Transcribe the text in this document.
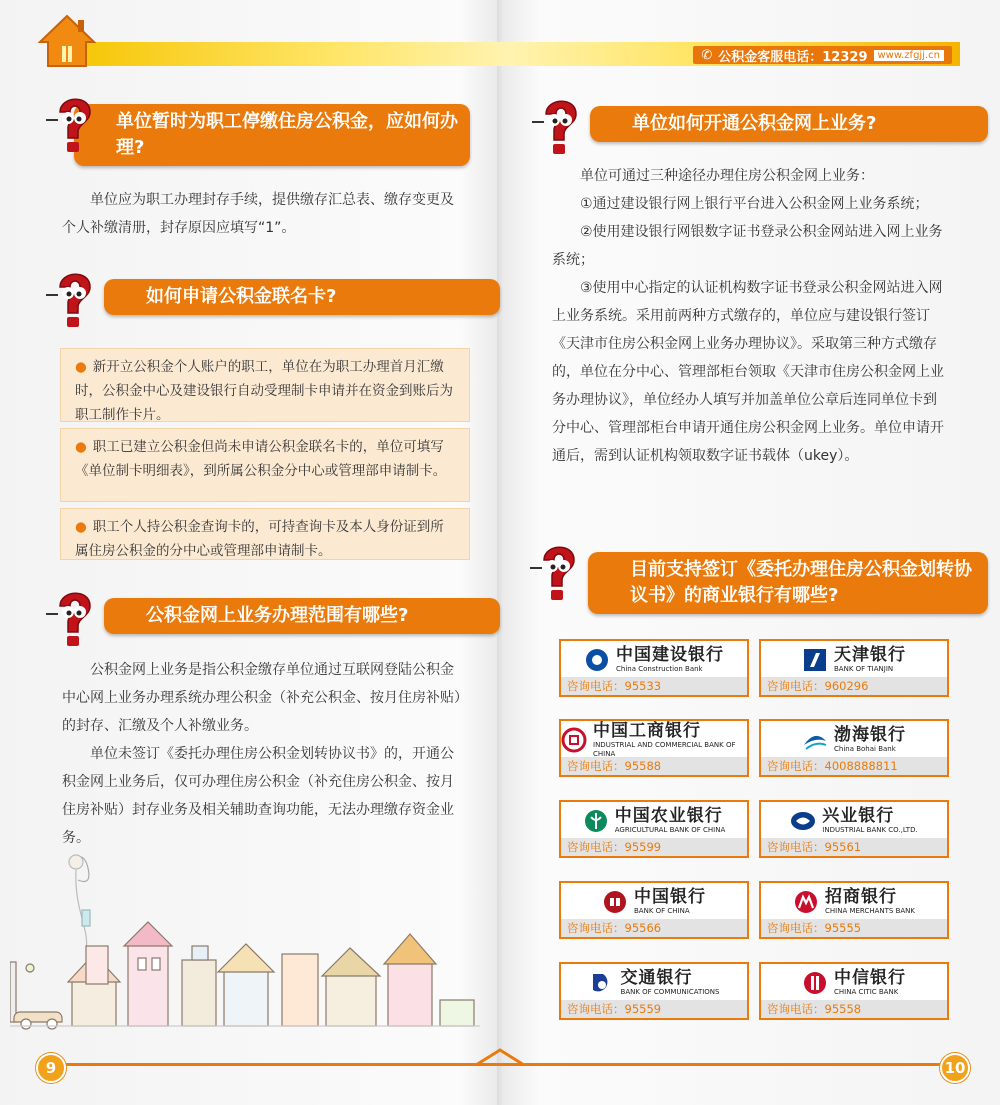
✆ 公积金客服电话：12329	www.zfgjj.cn
单位暂时为职工停缴住房公积金，应如何办理?

单位应为职工办理封存手续，提供缴存汇总表、缴存变更及个人补缴清册，封存原因应填写“1”。

如何申请公积金联名卡?
● 新开立公积金个人账户的职工，单位在为职工办理首月汇缴时，公积金中心及建设银行自动受理制卡申请并在资金到账后为职工制作卡片。
● 职工已建立公积金但尚未申请公积金联名卡的，单位可填写《单位制卡明细表》，到所属公积金分中心或管理部申请制卡。
● 职工个人持公积金查询卡的，可持查询卡及本人身份证到所属住房公积金的分中心或管理部申请制卡。
公积金网上业务办理范围有哪些?

公积金网上业务是指公积金缴存单位通过互联网登陆公积金中心网上业务办理系统办理公积金（补充公积金、按月住房补贴）的封存、汇缴及个人补缴业务。

单位未签订《委托办理住房公积金划转协议书》的，开通公积金网上业务后，仅可办理住房公积金（补充住房公积金、按月住房补贴）封存业务及相关辅助查询功能，无法办理缴存资金业务。

单位如何开通公积金网上业务?

单位可通过三种途径办理住房公积金网上业务：

①通过建设银行网上银行平台进入公积金网上业务系统；

②使用建设银行网银数字证书登录公积金网站进入网上业务系统；

③使用中心指定的认证机构数字证书登录公积金网站进入网上业务系统。采用前两种方式缴存的，单位应与建设银行签订《天津市住房公积金网上业务办理协议》。采取第三种方式缴存的，单位在分中心、管理部柜台领取《天津市住房公积金网上业务办理协议》，单位经办人填写并加盖单位公章后连同单位卡到分中心、管理部柜台申请开通住房公积金网上业务。单位申请开通后，需到认证机构领取数字证书载体（ukey）。

目前支持签订《委托办理住房公积金划转协议书》的商业银行有哪些?
中国建设银行
China Construction Bank
咨询电话：95533
天津银行
BANK OF TIANJIN
咨询电话：960296
中国工商银行
INDUSTRIAL AND COMMERCIAL BANK OF CHINA
咨询电话：95588
渤海银行
China Bohai Bank
咨询电话：4008888811
中国农业银行
AGRICULTURAL BANK OF CHINA
咨询电话：95599
兴业银行
INDUSTRIAL BANK CO.,LTD.
咨询电话：95561
中国银行
BANK OF CHINA
咨询电话：95566
招商银行
CHINA MERCHANTS BANK
咨询电话：95555
交通银行
BANK OF COMMUNICATIONS
咨询电话：95559
中信银行
CHINA CITIC BANK
咨询电话：95558
9	10
